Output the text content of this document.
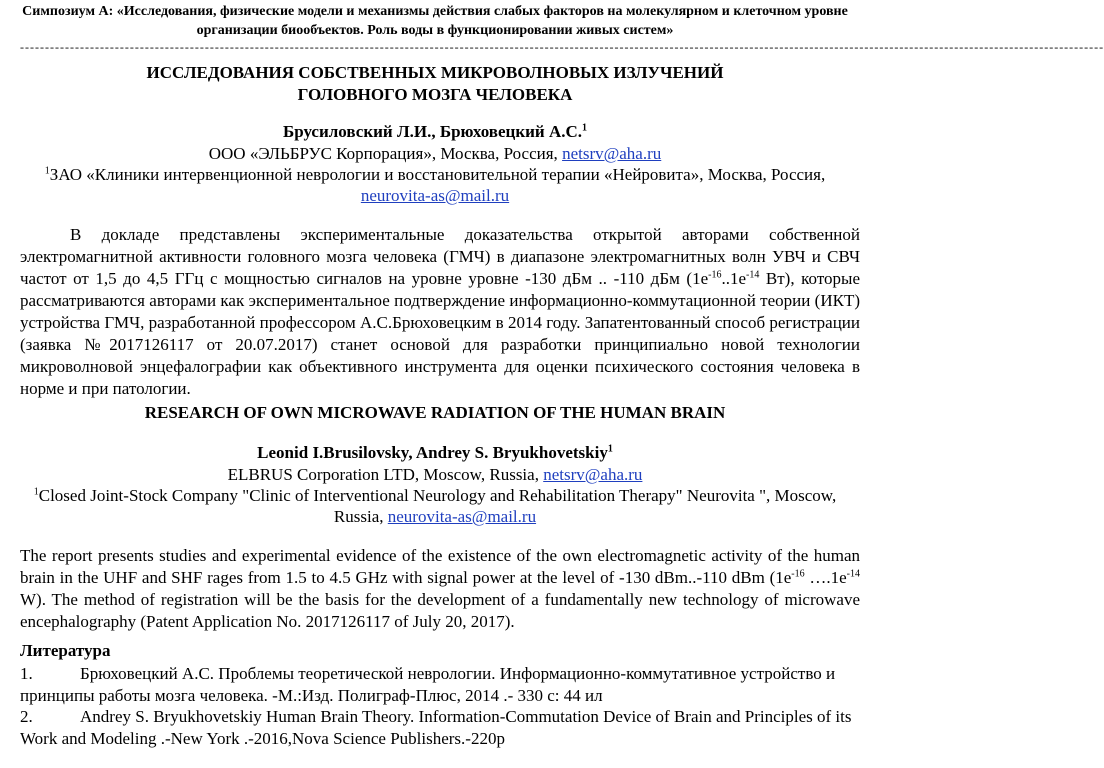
Симпозиум А: «Исследования, физические модели и механизмы действия слабых факторов на молекулярном и клеточном уровне организации биообъектов. Роль воды в функционировании живых систем»
-------------------------------------------------------------------------------------------------------------------------------------------------------------------------------------------------------------------------
ИССЛЕДОВАНИЯ СОБСТВЕННЫХ МИКРОВОЛНОВЫХ ИЗЛУЧЕНИЙ
ГОЛОВНОГО МОЗГА ЧЕЛОВЕКА
Брусиловский Л.И., Брюховецкий А.С.$^1$
ООО «ЭЛЬБРУС Корпорация», Москва, Россия, netsrv@aha.ru
$^1$ЗАО «Клиники интервенционной неврологии и восстановительной терапии «Нейровита», Москва, Россия,
neurovita-as@mail.ru
В докладе представлены экспериментальные доказательства открытой авторами собственной электромагнитной активности головного мозга человека (ГМЧ) в диапазоне электромагнитных волн УВЧ и СВЧ частот от 1,5 до 4,5 ГГц с мощностью сигналов на уровне уровне -130 дБм .. -110 дБм ($1е^{-16}..1е^{-14}$ Вт), которые рассматриваются авторами как экспериментальное подтверждение информационно-коммутационной теории (ИКТ) устройства ГМЧ, разработанной профессором А.С.Брюховецким в 2014 году. Запатентованный способ регистрации (заявка №2017126117 от 20.07.2017) станет основой для разработки принципиально новой технологии микроволновой энцефалографии как объективного инструмента для оценки психического состояния человека в норме и при патологии.
RESEARCH OF OWN MICROWAVE RADIATION OF THE HUMAN BRAIN
Leonid I.Brusilovsky, Andrey S. Bryukhovetskiy$^1$
ELBRUS Corporation LTD, Moscow, Russia, netsrv@aha.ru
$^1$Closed Joint-Stock Company "Clinic of Interventional Neurology and Rehabilitation Therapy" Neurovita ", Moscow,
Russia, neurovita-as@mail.ru
The report presents studies and experimental evidence of the existence of the own electromagnetic activity of the human brain in the UHF and SHF rages from 1.5 to 4.5 GHz with signal power at the level of -130 dBm..-110 dBm ($1e^{-16}$ $\dots.1e^{-14}$ W). The method of registration will be the basis for the development of a fundamentally new technology of microwave encephalography (Patent Application No. 2017126117 of July 20, 2017).
Литература
1.	Брюховецкий А.С. Проблемы теоретической неврологии. Информационно-коммутативное устройство и принципы работы мозга человека. -М.:Изд. Полиграф-Плюс, 2014 .- 330 с: 44 ил
2.	Andrey S. Bryukhovetskiy Human Brain Theory. Information-Commutation Device of Brain and Principles of its Work and Modeling .-New York .-2016,Nova Science Publishers.-220p
